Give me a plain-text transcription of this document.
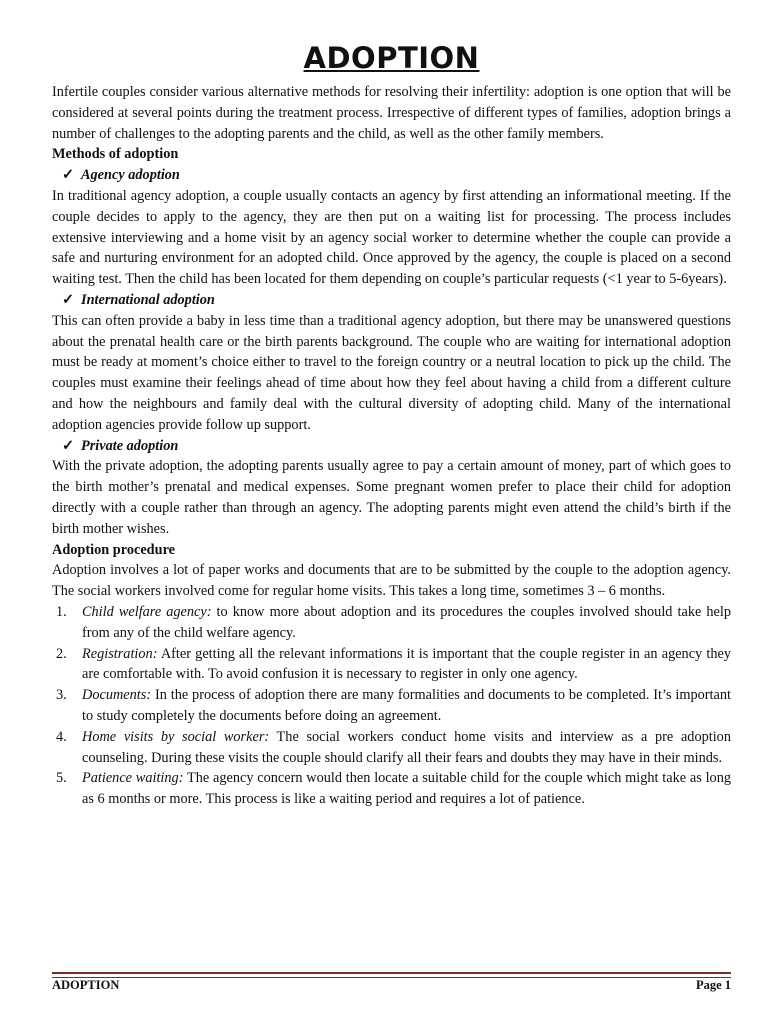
ADOPTION

Infertile couples consider various alternative methods for resolving their infertility: adoption is one option that will be considered at several points during the treatment process. Irrespective of different types of families, adoption brings a number of challenges to the adopting parents and the child, as well as the other family members.

Methods of adoption

✓ Agency adoption

In traditional agency adoption, a couple usually contacts an agency by first attending an informational meeting. If the couple decides to apply to the agency, they are then put on a waiting list for processing. The process includes extensive interviewing and a home visit by an agency social worker to determine whether the couple can provide a safe and nurturing environment for an adopted child. Once approved by the agency, the couple is placed on a second waiting test. Then the child has been located for them depending on couple’s particular requests (<1 year to 5-6years).

✓ International adoption

This can often provide a baby in less time than a traditional agency adoption, but there may be unanswered questions about the prenatal health care or the birth parents background. The couple who are waiting for international adoption must be ready at moment’s choice either to travel to the foreign country or a neutral location to pick up the child. The couples must examine their feelings ahead of time about how they feel about having a child from a different culture and how the neighbours and family deal with the cultural diversity of adopting child. Many of the international adoption agencies provide follow up support.

✓ Private adoption

With the private adoption, the adopting parents usually agree to pay a certain amount of money, part of which goes to the birth mother’s prenatal and medical expenses. Some pregnant women prefer to place their child for adoption directly with a couple rather than through an agency. The adopting parents might even attend the child’s birth if the birth mother wishes.

Adoption procedure

Adoption involves a lot of paper works and documents that are to be submitted by the couple to the adoption agency. The social workers involved come for regular home visits. This takes a long time, sometimes 3 – 6 months.

1. Child welfare agency: to know more about adoption and its procedures the couples involved should take help from any of the child welfare agency.
2. Registration: After getting all the relevant informations it is important that the couple register in an agency they are comfortable with. To avoid confusion it is necessary to register in only one agency.
3. Documents: In the process of adoption there are many formalities and documents to be completed. It’s important to study completely the documents before doing an agreement.
4. Home visits by social worker: The social workers conduct home visits and interview as a pre adoption counseling. During these visits the couple should clarify all their fears and doubts they may have in their minds.
5. Patience waiting: The agency concern would then locate a suitable child for the couple which might take as long as 6 months or more. This process is like a waiting period and requires a lot of patience.
ADOPTION	Page 1
